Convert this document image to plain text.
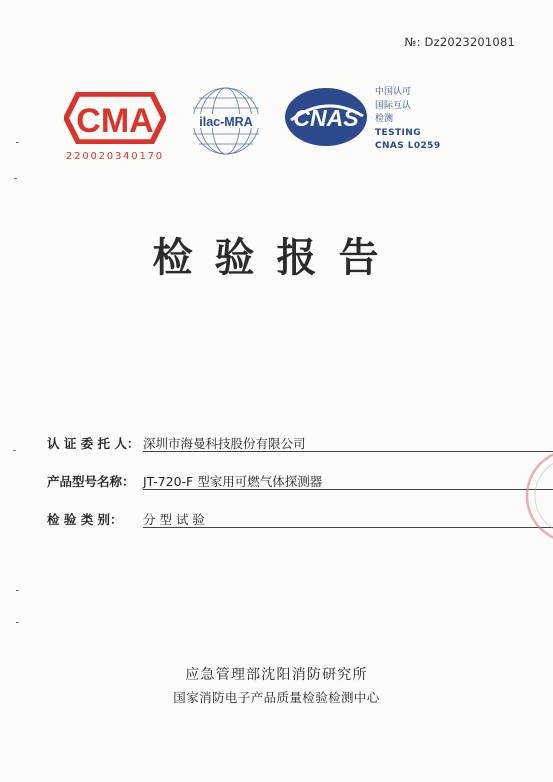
№: Dz2023201081
CMA
220020340170
ilac-MRA CNAS
中国认可
国际互认
检测
TESTING
CNAS L0259
检验报告
认 证 委 托 人： 深圳市海曼科技股份有限公司
产品型号名称： JT-720-F 型家用可燃气体探测器
检 验 类 别： 分 型 试 验
应急管理部沈阳消防研究所
国家消防电子产品质量检验检测中心
